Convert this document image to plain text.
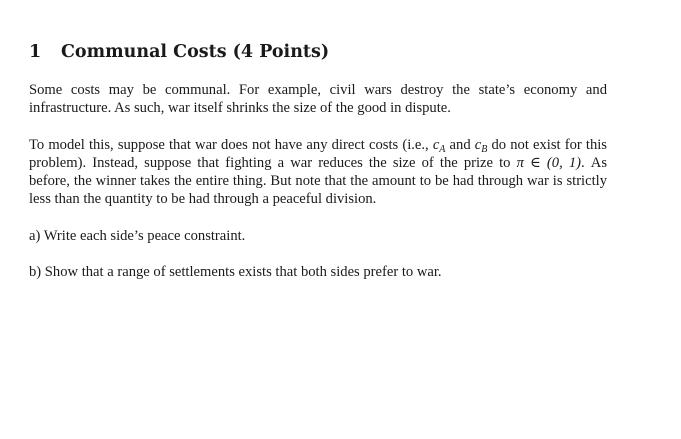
1 Communal Costs (4 Points)

Some costs may be communal. For example, civil wars destroy the state’s economy and infrastructure. As such, war itself shrinks the size of the good in dispute.

To model this, suppose that war does not have any direct costs (i.e., $c_A$ and $c_B$ do not exist for this problem). Instead, suppose that fighting a war reduces the size of the prize to π ∈ (0, 1). As before, the winner takes the entire thing. But note that the amount to be had through war is strictly less than the quantity to be had through a peaceful division.

a) Write each side’s peace constraint.

b) Show that a range of settlements exists that both sides prefer to war.
